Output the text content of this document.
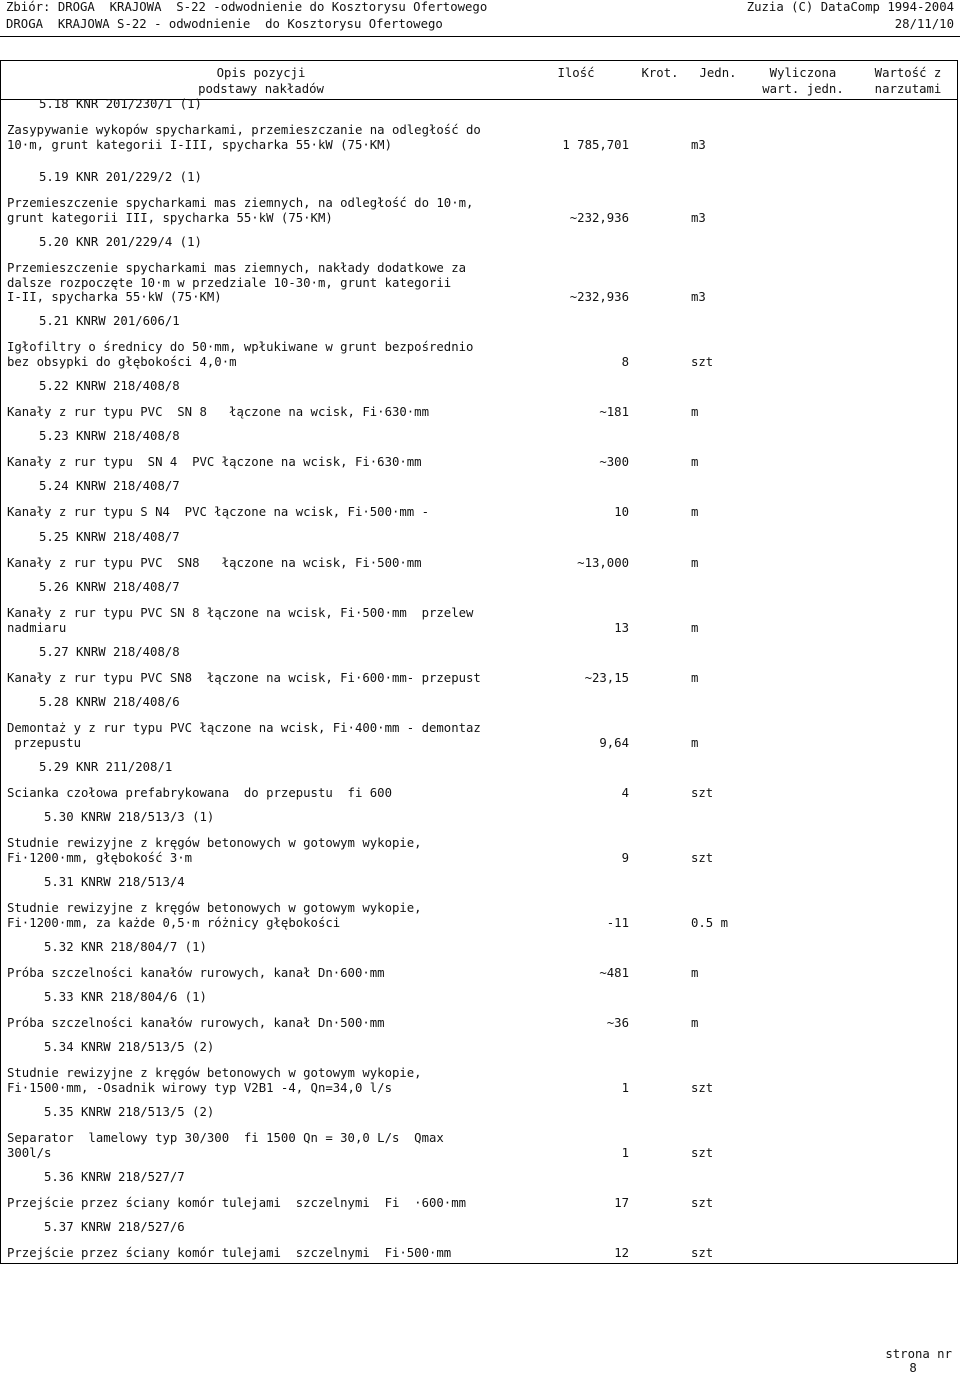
Zbiór: DROGA  KRAJOWA  S-22 -odwodnienie do Kosztorysu Ofertowego

	Zuzia (C) DataComp 1994-2004

DROGA  KRAJOWA S-22 - odwodnienie  do Kosztorysu Ofertowego

	28/11/10

Opis pozycji
podstawy nakładów
Ilość	Krot.	Jedn.	Wyliczona
wart. jedn.
Wartość z
narzutami
5.18 KNR 201/230/1 (1)
Zasypywanie wykopów spycharkami, przemieszczanie na odległość do
10·m, grunt kategorii I-III, spycharka 55·kW (75·KM)	1 785,701	m3
5.19 KNR 201/229/2 (1)
Przemieszczenie spycharkami mas ziemnych, na odległość do 10·m,
grunt kategorii III, spycharka 55·kW (75·KM)	~232,936	m3
5.20 KNR 201/229/4 (1)
Przemieszczenie spycharkami mas ziemnych, nakłady dodatkowe za
dalsze rozpoczęte 10·m w przedziale 10-30·m, grunt kategorii
I-II, spycharka 55·kW (75·KM)	~232,936	m3
5.21 KNRW 201/606/1
Igłofiltry o średnicy do 50·mm, wpłukiwane w grunt bezpośrednio
bez obsypki do głębokości 4,0·m	8	szt
5.22 KNRW 218/408/8
Kanały z rur typu PVC  SN 8   łączone na wcisk, Fi·630·mm	~181	m
5.23 KNRW 218/408/8
Kanały z rur typu  SN 4  PVC łączone na wcisk, Fi·630·mm	~300	m
5.24 KNRW 218/408/7
Kanały z rur typu S N4  PVC łączone na wcisk, Fi·500·mm -	10	m
5.25 KNRW 218/408/7
Kanały z rur typu PVC  SN8   łączone na wcisk, Fi·500·mm	~13,000	m
5.26 KNRW 218/408/7
Kanały z rur typu PVC SN 8 łączone na wcisk, Fi·500·mm  przelew
nadmiaru	13	m
5.27 KNRW 218/408/8
Kanały z rur typu PVC SN8  łączone na wcisk, Fi·600·mm- przepust	~23,15	m
5.28 KNRW 218/408/6
Demontaż y z rur typu PVC łączone na wcisk, Fi·400·mm - demontaz
przepustu	9,64	m
5.29 KNR 211/208/1
Scianka czołowa prefabrykowana  do przepustu  fi 600	4	szt
5.30 KNRW 218/513/3 (1)
Studnie rewizyjne z kręgów betonowych w gotowym wykopie,
Fi·1200·mm, głębokość 3·m	9	szt
5.31 KNRW 218/513/4
Studnie rewizyjne z kręgów betonowych w gotowym wykopie,
Fi·1200·mm, za każde 0,5·m różnicy głębokości	-11	0.5 m
5.32 KNR 218/804/7 (1)
Próba szczelności kanałów rurowych, kanał Dn·600·mm	~481	m
5.33 KNR 218/804/6 (1)
Próba szczelności kanałów rurowych, kanał Dn·500·mm	~36	m
5.34 KNRW 218/513/5 (2)
Studnie rewizyjne z kręgów betonowych w gotowym wykopie,
Fi·1500·mm, -Osadnik wirowy typ V2B1 -4, Qn=34,0 l/s	1	szt
5.35 KNRW 218/513/5 (2)
Separator  lamelowy typ 30/300  fi 1500 Qn = 30,0 L/s  Qmax
300l/s	1	szt
5.36 KNRW 218/527/7
Przejście przez ściany komór tulejami  szczelnymi  Fi  ·600·mm	17	szt
5.37 KNRW 218/527/6
Przejście przez ściany komór tulejami  szczelnymi  Fi·500·mm	12	szt

strona nr
8
